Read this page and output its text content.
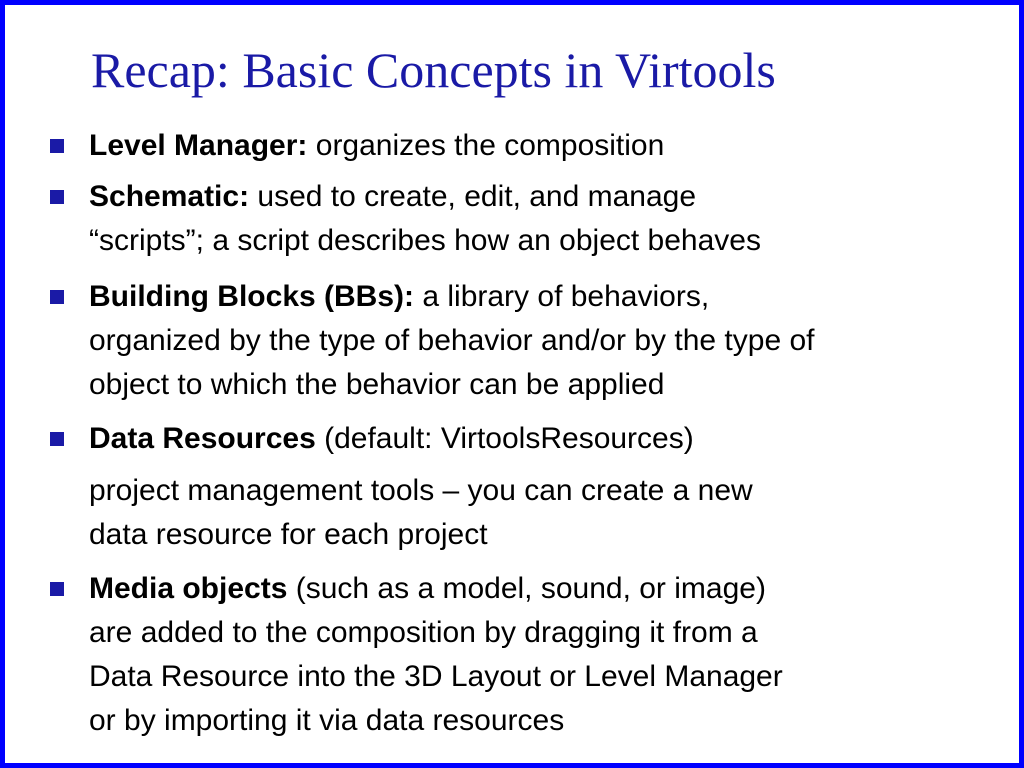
Recap: Basic Concepts in Virtools
Level Manager: organizes the composition
Schematic: used to create, edit, and manage
“scripts”; a script describes how an object behaves
Building Blocks (BBs): a library of behaviors,
organized by the type of behavior and/or by the type of
object to which the behavior can be applied
Data Resources (default: VirtoolsResources)
project management tools – you can create a new
data resource for each project
Media objects (such as a model, sound, or image)
are added to the composition by dragging it from a
Data Resource into the 3D Layout or Level Manager
or by importing it via data resources
